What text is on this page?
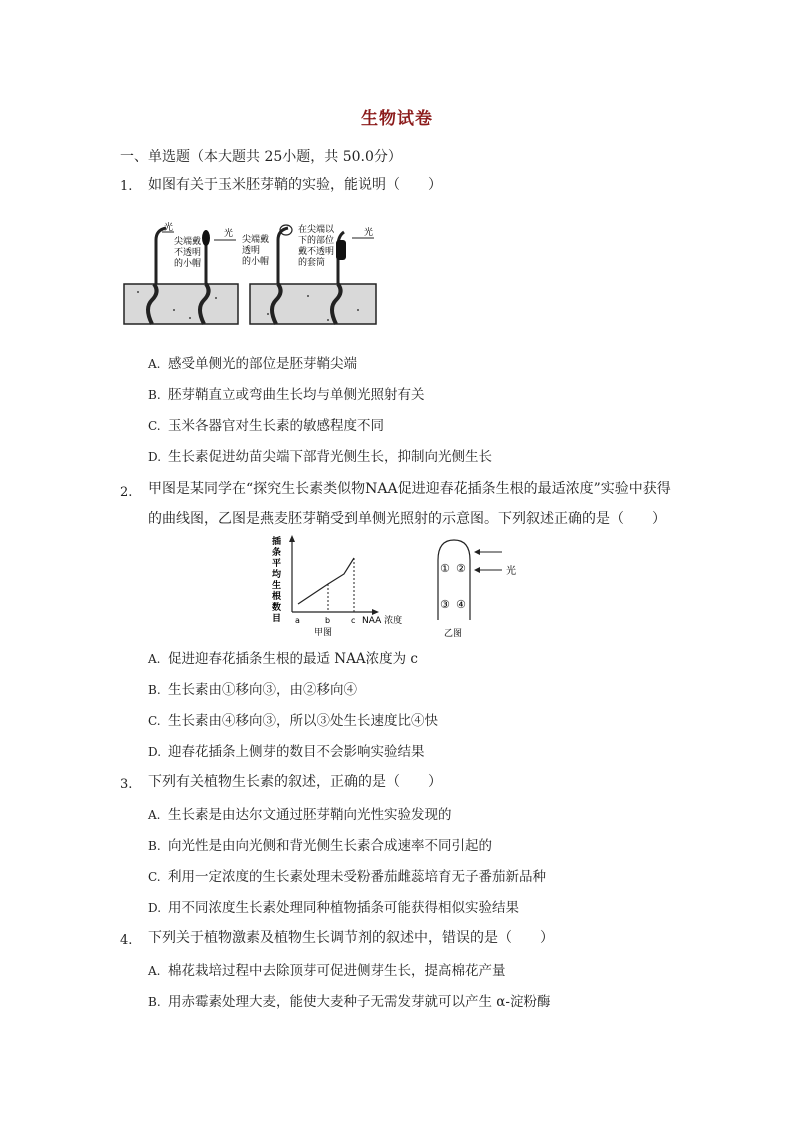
生物试卷
一、单选题（本大题共 25小题，共 50.0分）
1. 如图有关于玉米胚芽鞘的实验，能说明（　　）
光
光	光
尖端戴
不透明
的小帽
尖端戴
透明
的小帽
在尖端以
下的部位
戴不透明
的套筒
A. 感受单侧光的部位是胚芽鞘尖端
B. 胚芽鞘直立或弯曲生长均与单侧光照射有关
C. 玉米各器官对生长素的敏感程度不同
D. 生长素促进幼苗尖端下部背光侧生长，抑制向光侧生长
2. 甲图是某同学在“探究生长素类似物NAA促进迎春花插条生根的最适浓度”实验中获得
的曲线图，乙图是燕麦胚芽鞘受到单侧光照射的示意图。下列叙述正确的是（　　）
插
条
平
均
生
根
数
目 a	b	c NAA 浓度
甲图
① ②
③ ④
光
乙图
A. 促进迎春花插条生根的最适 NAA浓度为 c
B. 生长素由①移向③，由②移向④
C. 生长素由④移向③，所以③处生长速度比④快
D. 迎春花插条上侧芽的数目不会影响实验结果
3. 下列有关植物生长素的叙述，正确的是（　　）
A. 生长素是由达尔文通过胚芽鞘向光性实验发现的
B. 向光性是由向光侧和背光侧生长素合成速率不同引起的
C. 利用一定浓度的生长素处理未受粉番茄雌蕊培育无子番茄新品种
D. 用不同浓度生长素处理同种植物插条可能获得相似实验结果
4. 下列关于植物激素及植物生长调节剂的叙述中，错误的是（　　）
A. 棉花栽培过程中去除顶芽可促进侧芽生长，提高棉花产量
B. 用赤霉素处理大麦，能使大麦种子无需发芽就可以产生 α-淀粉酶
